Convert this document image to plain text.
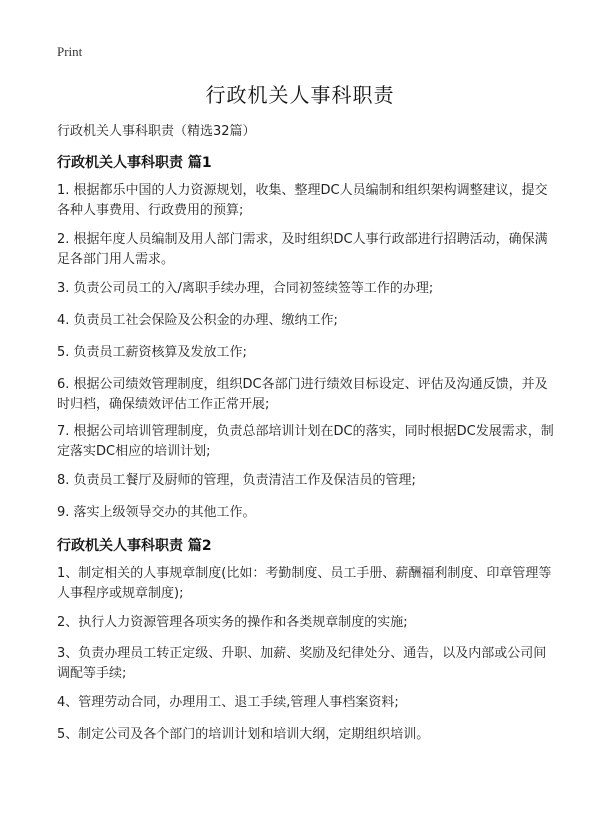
Print
行政机关人事科职责
行政机关人事科职责（精选32篇）
行政机关人事科职责 篇1
1. 根据都乐中国的人力资源规划，收集、整理DC人员编制和组织架构调整建议，提交各种人事费用、行政费用的预算;
2. 根据年度人员编制及用人部门需求，及时组织DC人事行政部进行招聘活动，确保满足各部门用人需求。
3. 负责公司员工的入/离职手续办理，合同初签续签等工作的办理;
4. 负责员工社会保险及公积金的办理、缴纳工作;
5. 负责员工薪资核算及发放工作;
6. 根据公司绩效管理制度，组织DC各部门进行绩效目标设定、评估及沟通反馈，并及时归档，确保绩效评估工作正常开展;
7. 根据公司培训管理制度，负责总部培训计划在DC的落实，同时根据DC发展需求，制定落实DC相应的培训计划;
8. 负责员工餐厅及厨师的管理，负责清洁工作及保洁员的管理;
9. 落实上级领导交办的其他工作。
行政机关人事科职责 篇2
1、制定相关的人事规章制度(比如：考勤制度、员工手册、薪酬福利制度、印章管理等人事程序或规章制度);
2、执行人力资源管理各项实务的操作和各类规章制度的实施;
3、负责办理员工转正定级、升职、加薪、奖励及纪律处分、通告，以及内部或公司间调配等手续;
4、管理劳动合同，办理用工、退工手续,管理人事档案资料;
5、制定公司及各个部门的培训计划和培训大纲，定期组织培训。
